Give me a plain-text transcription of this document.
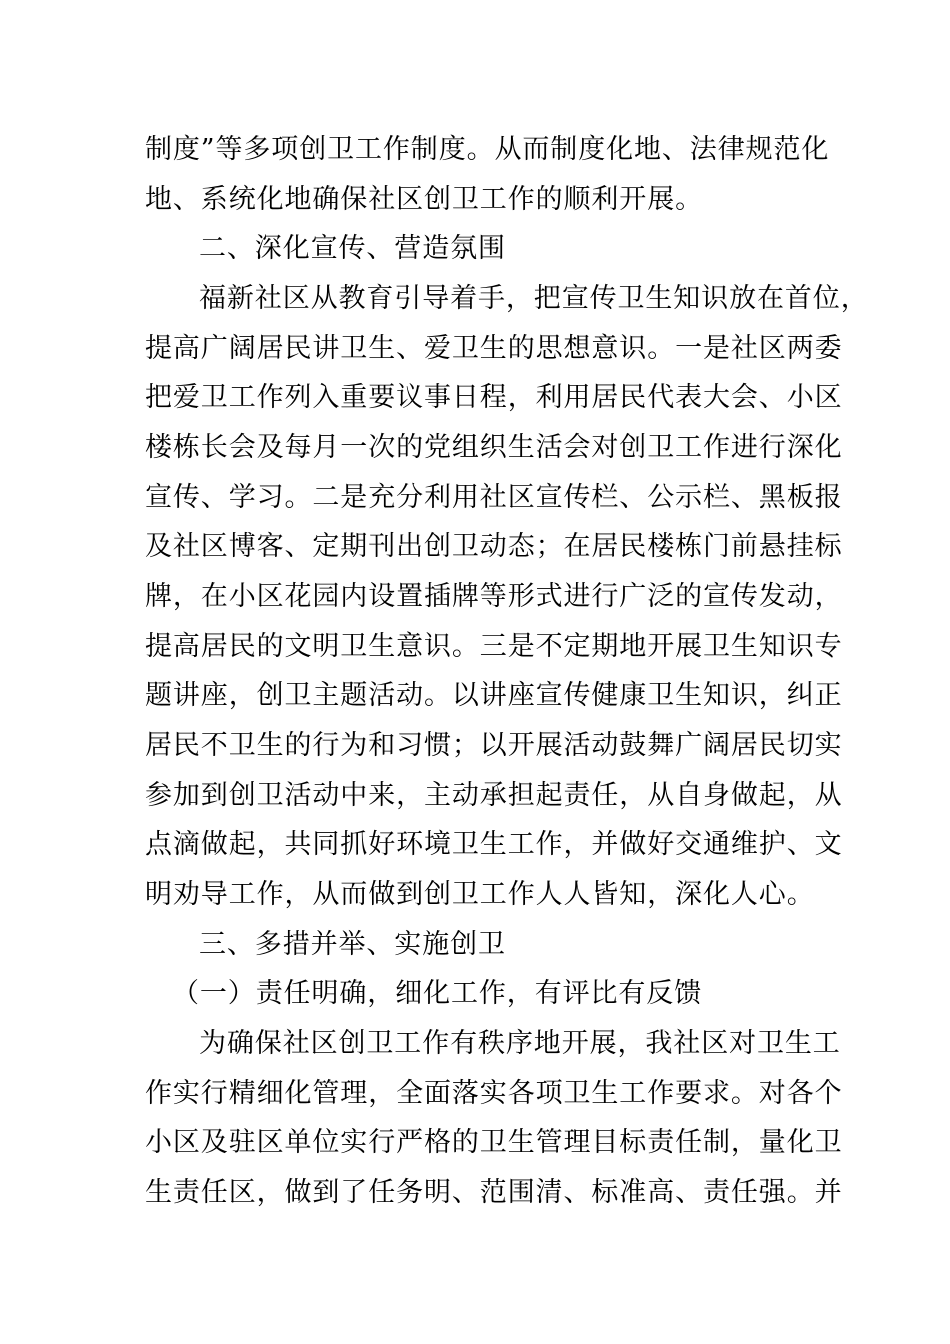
制度”等多项创卫工作制度。从而制度化地、法律规范化
地、系统化地确保社区创卫工作的顺利开展。
二、深化宣传、营造氛围
福新社区从教育引导着手，把宣传卫生知识放在首位，
提高广阔居民讲卫生、爱卫生的思想意识。一是社区两委
把爱卫工作列入重要议事日程，利用居民代表大会、小区
楼栋长会及每月一次的党组织生活会对创卫工作进行深化
宣传、学习。二是充分利用社区宣传栏、公示栏、黑板报
及社区博客、定期刊出创卫动态；在居民楼栋门前悬挂标
牌，在小区花园内设置插牌等形式进行广泛的宣传发动，
提高居民的文明卫生意识。三是不定期地开展卫生知识专
题讲座，创卫主题活动。以讲座宣传健康卫生知识，纠正
居民不卫生的行为和习惯；以开展活动鼓舞广阔居民切实
参加到创卫活动中来，主动承担起责任，从自身做起，从
点滴做起，共同抓好环境卫生工作，并做好交通维护、文
明劝导工作，从而做到创卫工作人人皆知，深化人心。
三、多措并举、实施创卫
（一）责任明确，细化工作，有评比有反馈
为确保社区创卫工作有秩序地开展，我社区对卫生工
作实行精细化管理，全面落实各项卫生工作要求。对各个
小区及驻区单位实行严格的卫生管理目标责任制，量化卫
生责任区，做到了任务明、范围清、标准高、责任强。并
